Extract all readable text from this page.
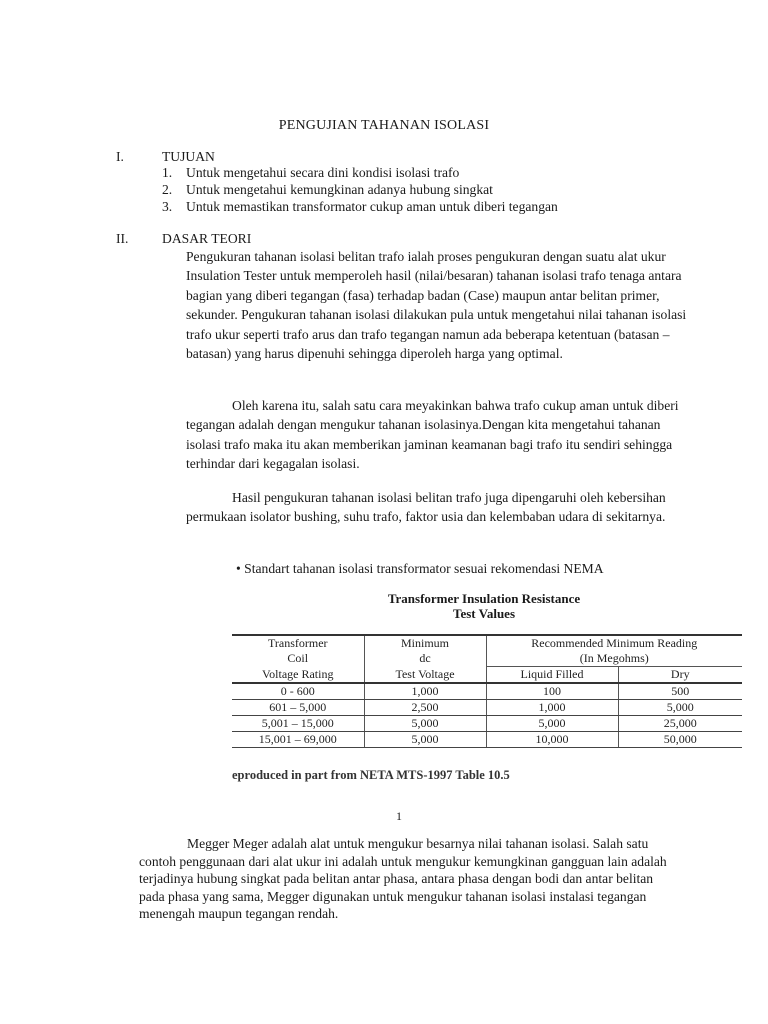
PENGUJIAN TAHANAN ISOLASI
I.	TUJUAN
1. Untuk mengetahui secara dini kondisi isolasi trafo
2. Untuk mengetahui kemungkinan adanya hubung singkat
3. Untuk memastikan transformator cukup aman untuk diberi tegangan
II. DASAR TEORI

Pengukuran tahanan isolasi belitan trafo ialah proses pengukuran dengan suatu alat ukur Insulation Tester untuk memperoleh hasil (nilai/besaran) tahanan isolasi trafo tenaga antara bagian yang diberi tegangan (fasa) terhadap badan (Case) maupun antar belitan primer, sekunder. Pengukuran tahanan isolasi dilakukan pula untuk mengetahui nilai tahanan isolasi trafo ukur seperti trafo arus dan trafo tegangan namun ada beberapa ketentuan (batasan – batasan) yang harus dipenuhi sehingga diperoleh harga yang optimal.

Oleh karena itu, salah satu cara meyakinkan bahwa trafo cukup aman untuk diberi tegangan adalah dengan mengukur tahanan isolasinya.Dengan kita mengetahui tahanan isolasi trafo maka itu akan memberikan jaminan keamanan bagi trafo itu sendiri sehingga terhindar dari kegagalan isolasi.

Hasil pengukuran tahanan isolasi belitan trafo juga dipengaruhi oleh kebersihan permukaan isolator bushing, suhu trafo, faktor usia dan kelembaban udara di sekitarnya.

• Standart tahanan isolasi transformator sesuai rekomendasi NEMA
Transformer Insulation Resistance
Test Values
Transformer	Minimum	Recommended Minimum Reading	
Coil	dc	(In Megohms)	
Voltage Rating	Test Voltage	Liquid Filled	Dry
0 - 600	1,000	100	500
601 – 5,000	2,500	1,000	5,000
5,001 – 15,000	5,000	5,000	25,000
15,001 – 69,000	5,000	10,000	50,000
eproduced in part from NETA MTS-1997 Table 10.5
1

Megger Meger adalah alat untuk mengukur besarnya nilai tahanan isolasi. Salah satu contoh penggunaan dari alat ukur ini adalah untuk mengukur kemungkinan gangguan lain adalah terjadinya hubung singkat pada belitan antar phasa, antara phasa dengan bodi dan antar belitan pada phasa yang sama, Megger digunakan untuk mengukur tahanan isolasi instalasi tegangan menengah maupun tegangan rendah.
